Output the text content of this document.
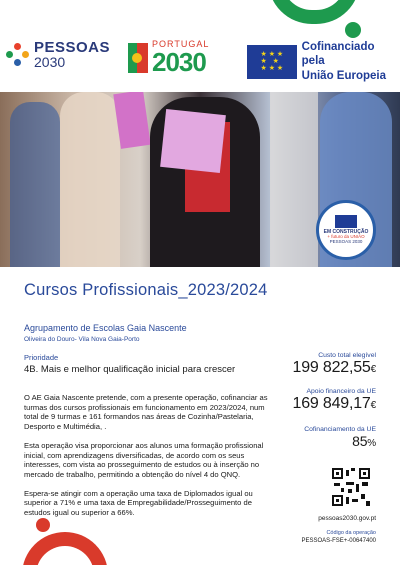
PESSOAS
2030
PORTUGAL
2030	★ ★ ★
★   ★
★ ★ ★
Cofinanciado pela
União Europeia
EM CONSTRUÇÃO
+ futuro da UNIÃO
PESSOAS 2030
Cursos Profissionais_2023/2024
Agrupamento de Escolas Gaia Nascente
Oliveira do Douro- Vila Nova Gaia-Porto
Prioridade
4B. Mais e melhor qualificação inicial para crescer

O AE Gaia Nascente pretende, com a presente operação, cofinanciar as turmas dos cursos profissionais em funcionamento em 2023/2024, num total de 9 turmas e 161 formandos nas áreas de Cozinha/Pastelaria, Desporto e Multimédia, .

Esta operação visa proporcionar aos alunos uma formação profissional inicial, com aprendizagens diversificadas, de acordo com os seus interesses, com vista ao prosseguimento de estudos ou à inserção no mercado de trabalho, permitindo a obtenção do nível 4 do QNQ.

Espera-se atingir com a operação uma taxa de Diplomados igual ou superior a 71% e uma taxa de Empregabilidade/Prosseguimento de estudos igual ou superior a 66%.

Custo total elegível
199 822,55€
Apoio financeiro da UE
169 849,17€
Cofinanciamento da UE
85%
pessoas2030.gov.pt
Código da operação
PESSOAS-FSE+-00647400
